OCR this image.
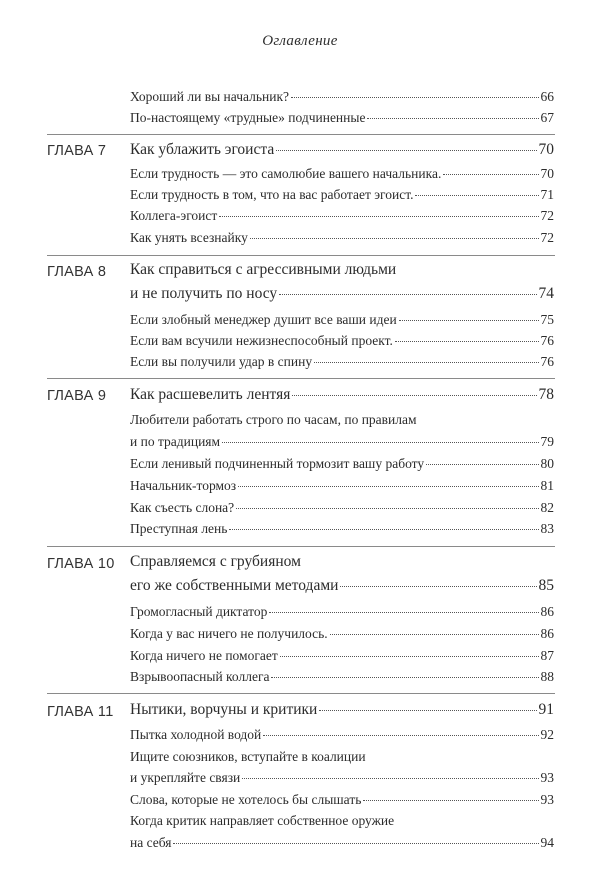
Оглавление
Хороший ли вы начальник?	66
По-настоящему «трудные» подчиненные	67
ГЛАВА 7 Как ублажить эгоиста	70
Если трудность — это самолюбие вашего начальника.	70
Если трудность в том, что на вас работает эгоист.	71
Коллега-эгоист	72
Как унять всезнайку	72
ГЛАВА 8 Как справиться с агрессивными людьми
и не получить по носу	74
Если злобный менеджер душит все ваши идеи	75
Если вам всучили нежизнеспособный проект.	76
Если вы получили удар в спину	76
ГЛАВА 9 Как расшевелить лентяя	78
Любители работать строго по часам, по правилам
и по традициям	79
Если ленивый подчиненный тормозит вашу работу	80
Начальник-тормоз	81
Как съесть слона?	82
Преступная лень	83
ГЛАВА 10 Справляемся с грубияном
его же собственными методами	85
Громогласный диктатор	86
Когда у вас ничего не получилось.	86
Когда ничего не помогает	87
Взрывоопасный коллега	88
ГЛАВА 11 Нытики, ворчуны и критики	91
Пытка холодной водой	92
Ищите союзников, вступайте в коалиции
и укрепляйте связи	93
Слова, которые не хотелось бы слышать	93
Когда критик направляет собственное оружие
на себя	94
